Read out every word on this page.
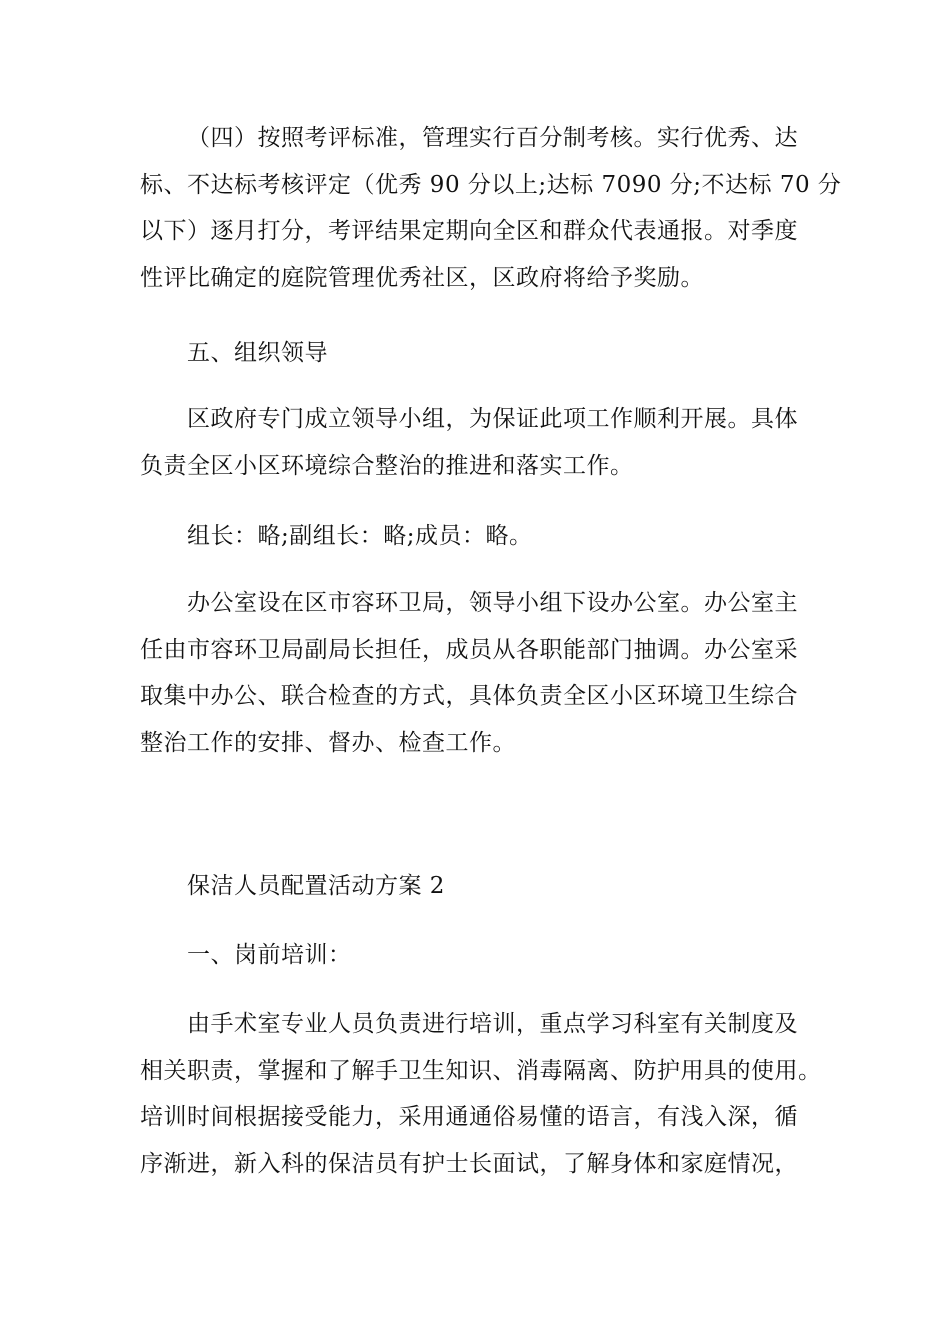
（四）按照考评标准，管理实行百分制考核。实行优秀、达
标、不达标考核评定（优秀 90 分以上;达标 7090 分;不达标 70 分
以下）逐月打分，考评结果定期向全区和群众代表通报。对季度
性评比确定的庭院管理优秀社区，区政府将给予奖励。
五、组织领导
区政府专门成立领导小组，为保证此项工作顺利开展。具体
负责全区小区环境综合整治的推进和落实工作。
组长：略;副组长：略;成员：略。
办公室设在区市容环卫局，领导小组下设办公室。办公室主
任由市容环卫局副局长担任，成员从各职能部门抽调。办公室采
取集中办公、联合检查的方式，具体负责全区小区环境卫生综合
整治工作的安排、督办、检查工作。
保洁人员配置活动方案 2
一、岗前培训：
由手术室专业人员负责进行培训，重点学习科室有关制度及
相关职责，掌握和了解手卫生知识、消毒隔离、防护用具的使用。
培训时间根据接受能力，采用通通俗易懂的语言，有浅入深，循
序渐进，新入科的保洁员有护士长面试，了解身体和家庭情况，
